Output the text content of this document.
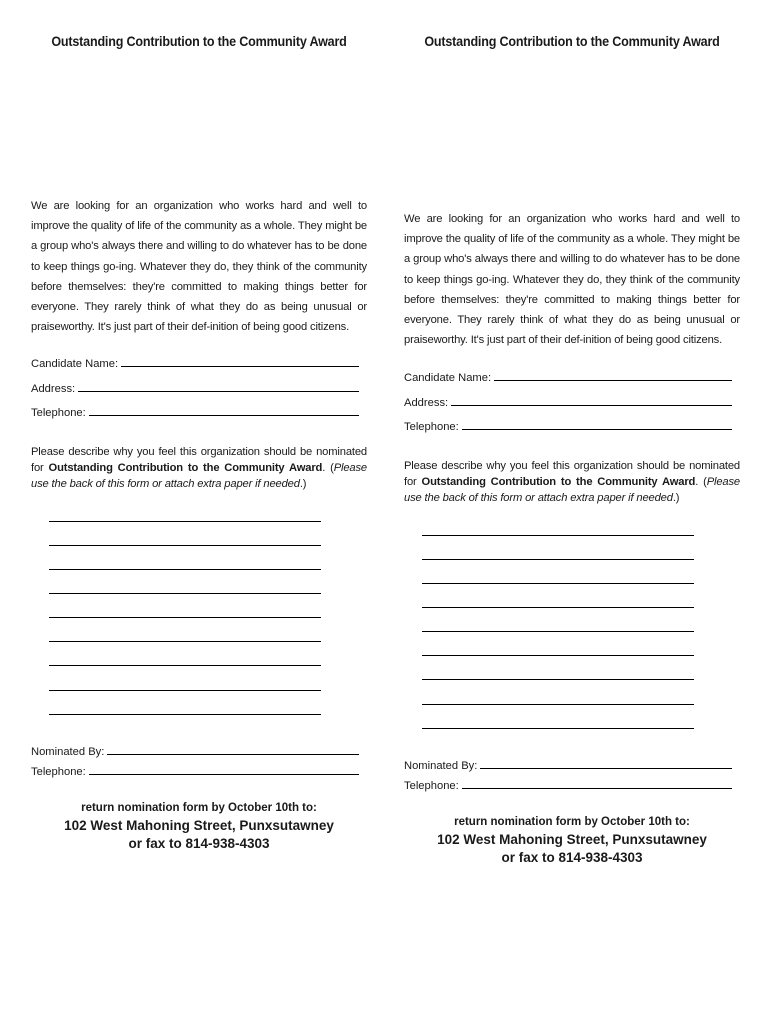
Outstanding Contribution to the Community Award
We are looking for an organization who works hard and well to improve the quality of life of the community as a whole. They might be a group who's always there and willing to do whatever has to be done to keep things go-ing. Whatever they do, they think of the community before themselves: they're committed to making things better for everyone. They rarely think of what they do as being unusual or praiseworthy. It's just part of their def-inition of being good citizens.
Candidate Name:
Address:
Telephone:
Please describe why you feel this organization should be nominated for Outstanding Contribution to the Community Award. (Please use the back of this form or attach extra paper if needed.)
Nominated By:
Telephone:
return nomination form by October 10th to:
102 West Mahoning Street, Punxsutawney
or fax to 814-938-4303
Outstanding Contribution to the Community Award
We are looking for an organization who works hard and well to improve the quality of life of the community as a whole. They might be a group who's always there and willing to do whatever has to be done to keep things go-ing. Whatever they do, they think of the community before themselves: they're committed to making things better for everyone. They rarely think of what they do as being unusual or praiseworthy. It's just part of their def-inition of being good citizens.
Candidate Name:
Address:
Telephone:
Please describe why you feel this organization should be nominated for Outstanding Contribution to the Community Award. (Please use the back of this form or attach extra paper if needed.)
Nominated By:
Telephone:
return nomination form by October 10th to:
102 West Mahoning Street, Punxsutawney
or fax to 814-938-4303
